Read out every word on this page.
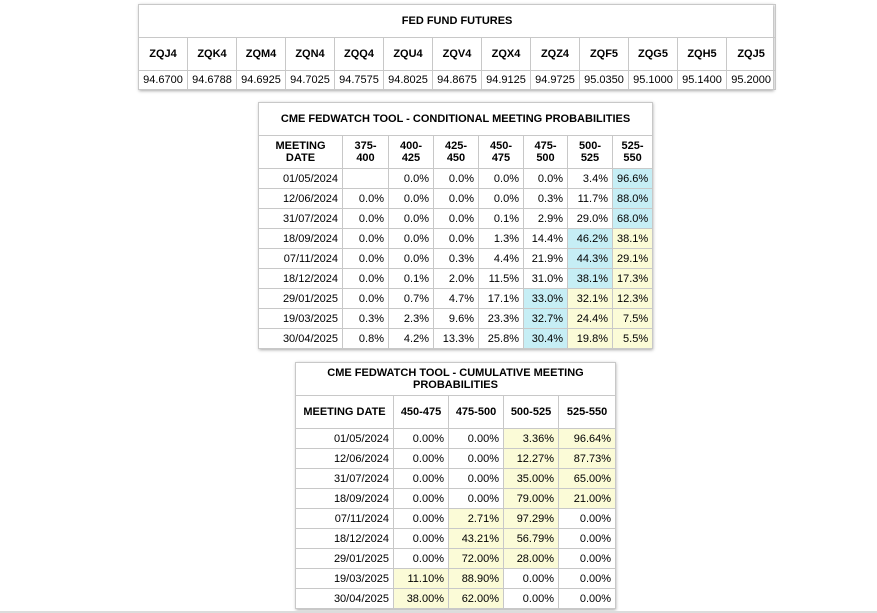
FED FUND FUTURES												
ZQJ4	ZQK4	ZQM4	ZQN4	ZQQ4	ZQU4	ZQV4	ZQX4	ZQZ4	ZQF5	ZQG5	ZQH5	ZQJ5
94.6700	94.6788	94.6925	94.7025	94.7575	94.8025	94.8675	94.9125	94.9725	95.0350	95.1000	95.1400	95.2000
CME FEDWATCH TOOL - CONDITIONAL MEETING PROBABILITIES							
MEETING DATE	375-400	400-425	425-450	450-475	475-500	500-525	525-550
01/05/2024		0.0%	0.0%	0.0%	0.0%	3.4%	96.6%
12/06/2024	0.0%	0.0%	0.0%	0.0%	0.3%	11.7%	88.0%
31/07/2024	0.0%	0.0%	0.0%	0.1%	2.9%	29.0%	68.0%
18/09/2024	0.0%	0.0%	0.0%	1.3%	14.4%	46.2%	38.1%
07/11/2024	0.0%	0.0%	0.3%	4.4%	21.9%	44.3%	29.1%
18/12/2024	0.0%	0.1%	2.0%	11.5%	31.0%	38.1%	17.3%
29/01/2025	0.0%	0.7%	4.7%	17.1%	33.0%	32.1%	12.3%
19/03/2025	0.3%	2.3%	9.6%	23.3%	32.7%	24.4%	7.5%
30/04/2025	0.8%	4.2%	13.3%	25.8%	30.4%	19.8%	5.5%
CME FEDWATCH TOOL - CUMULATIVE MEETING PROBABILITIES				
MEETING DATE	450-475	475-500	500-525	525-550
01/05/2024	0.00%	0.00%	3.36%	96.64%
12/06/2024	0.00%	0.00%	12.27%	87.73%
31/07/2024	0.00%	0.00%	35.00%	65.00%
18/09/2024	0.00%	0.00%	79.00%	21.00%
07/11/2024	0.00%	2.71%	97.29%	0.00%
18/12/2024	0.00%	43.21%	56.79%	0.00%
29/01/2025	0.00%	72.00%	28.00%	0.00%
19/03/2025	11.10%	88.90%	0.00%	0.00%
30/04/2025	38.00%	62.00%	0.00%	0.00%
